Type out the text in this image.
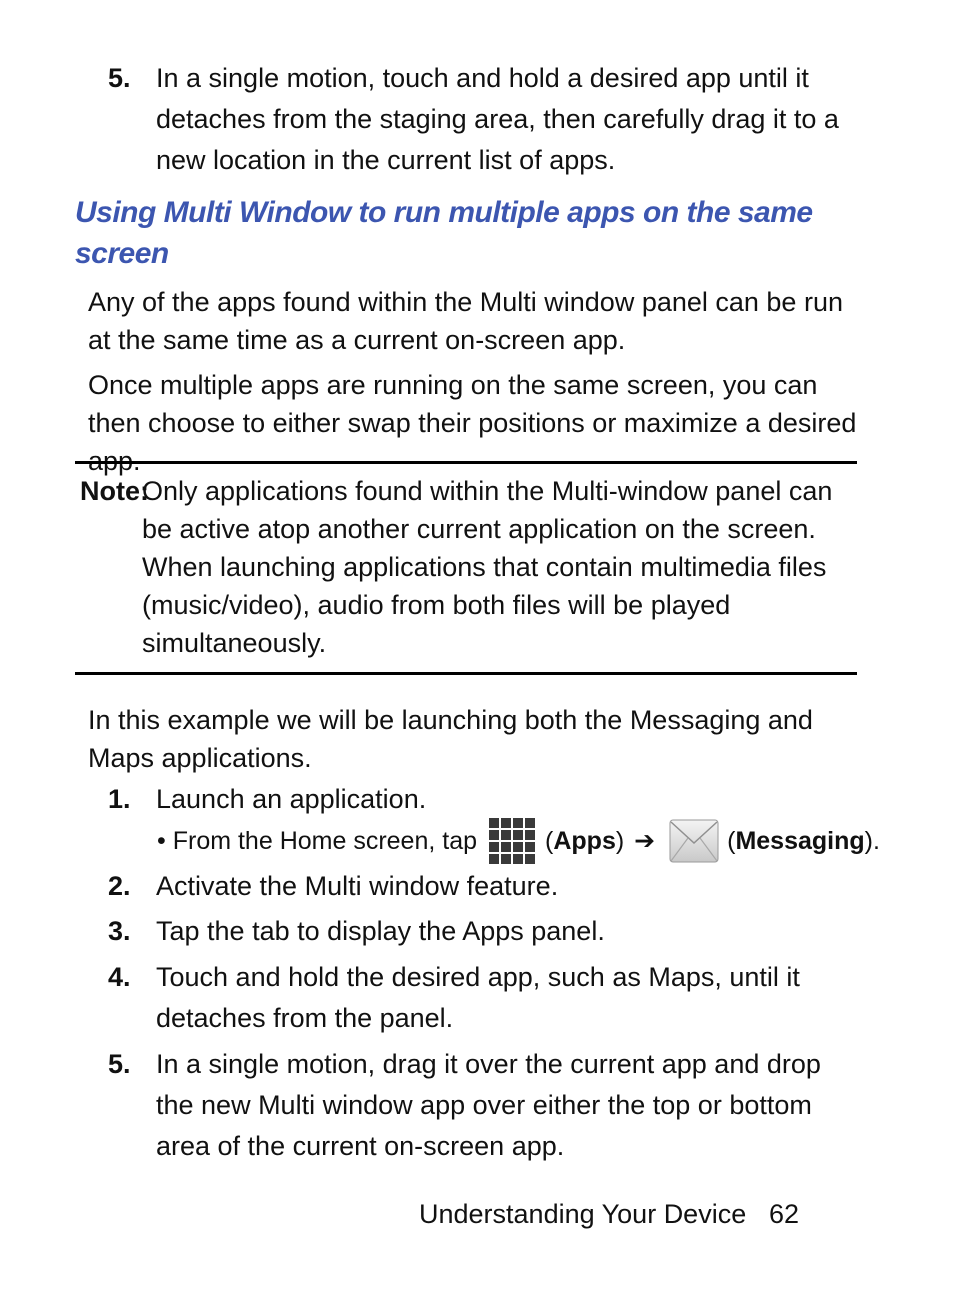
5. In a single motion, touch and hold a desired app until it detaches from the staging area, then carefully drag it to a new location in the current list of apps.
Using Multi Window to run multiple apps on the same screen
Any of the apps found within the Multi window panel can be run at the same time as a current on-screen app.
Once multiple apps are running on the same screen, you can then choose to either swap their positions or maximize a desired app.
Note:
Only applications found within the Multi-window panel can be active atop another current application on the screen.
When launching applications that contain multimedia files (music/video), audio from both files will be played simultaneously.
In this example we will be launching both the Messaging and Maps applications.
1. Launch an application.
•
From the Home screen, tap	( Apps ) ➔	( Messaging ).
2. Activate the Multi window feature.
3. Tap the tab to display the Apps panel.
4. Touch and hold the desired app, such as Maps, until it detaches from the panel.
5. In a single motion, drag it over the current app and drop the new Multi window app over either the top or bottom area of the current on-screen app.
Understanding Your Device 62
